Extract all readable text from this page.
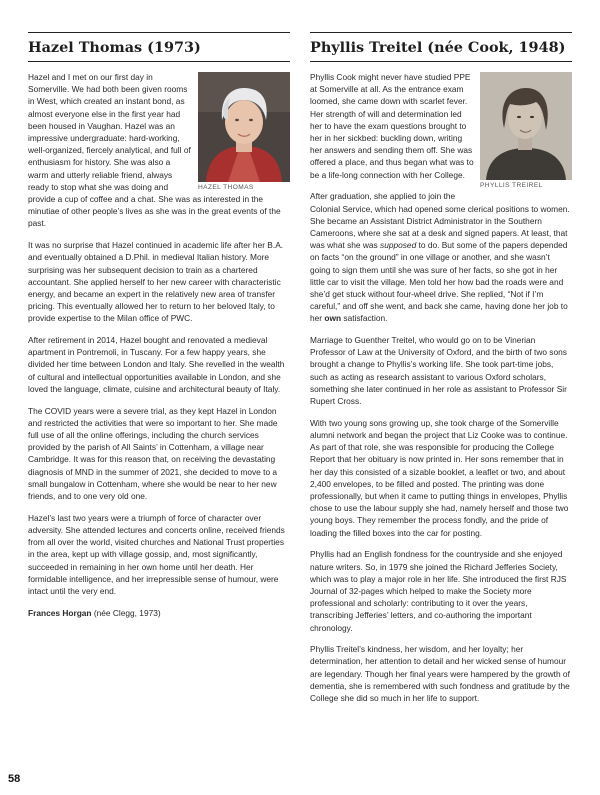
Hazel Thomas (1973)
HAZEL THOMAS

Hazel and I met on our first day in Somerville. We had both been given rooms in West, which created an instant bond, as almost everyone else in the first year had been housed in Vaughan. Hazel was an impressive undergraduate: hard-working, well-organized, fiercely analytical, and full of enthusiasm for history. She was also a warm and utterly reliable friend, always ready to stop what she was doing and provide a cup of coffee and a chat. She was as interested in the minutiae of other people’s lives as she was in the great events of the past.

It was no surprise that Hazel continued in academic life after her B.A. and eventually obtained a D.Phil. in medieval Italian history. More surprising was her subsequent decision to train as a chartered accountant. She applied herself to her new career with characteristic energy, and became an expert in the relatively new area of transfer pricing. This eventually allowed her to return to her beloved Italy, to provide expertise to the Milan office of PWC.

After retirement in 2014, Hazel bought and renovated a medieval apartment in Pontremoli, in Tuscany. For a few happy years, she divided her time between London and Italy. She revelled in the wealth of cultural and intellectual opportunities available in London, and she loved the language, climate, cuisine and architectural beauty of Italy.

The COVID years were a severe trial, as they kept Hazel in London and restricted the activities that were so important to her. She made full use of all the online offerings, including the church services provided by the parish of All Saints’ in Cottenham, a village near Cambridge. It was for this reason that, on receiving the devastating diagnosis of MND in the summer of 2021, she decided to move to a small bungalow in Cottenham, where she would be near to her new friends, and to one very old one.

Hazel’s last two years were a triumph of force of character over adversity. She attended lectures and concerts online, received friends from all over the world, visited churches and National Trust properties in the area, kept up with village gossip, and, most significantly, succeeded in remaining in her own home until her death. Her formidable intelligence, and her irrepressible sense of humour, were intact until the very end.

Frances Horgan (née Clegg, 1973)

Phyllis Treitel (née Cook, 1948)
PHYLLIS TREIREL

Phyllis Cook might never have studied PPE at Somerville at all. As the entrance exam loomed, she came down with scarlet fever. Her strength of will and determination led her to have the exam questions brought to her in her sickbed: buckling down, writing her answers and sending them off. She was offered a place, and thus began what was to be a life-long connection with her College.

After graduation, she applied to join the Colonial Service, which had opened some clerical positions to women. She became an Assistant District Administrator in the Southern Cameroons, where she sat at a desk and signed papers. At least, that was what she was supposed to do. But some of the papers depended on facts “on the ground” in one village or another, and she wasn’t going to sign them until she was sure of her facts, so she got in her little car to visit the village. Men told her how bad the roads were and she’d get stuck without four-wheel drive. She replied, “Not if I’m careful,” and off she went, and back she came, having done her job to her own satisfaction.

Marriage to Guenther Treitel, who would go on to be Vinerian Professor of Law at the University of Oxford, and the birth of two sons brought a change to Phyllis’s working life. She took part-time jobs, such as acting as research assistant to various Oxford scholars, something she later continued in her role as assistant to Professor Sir Rupert Cross.

With two young sons growing up, she took charge of the Somerville alumni network and began the project that Liz Cooke was to continue. As part of that role, she was responsible for producing the College Report that her obituary is now printed in. Her sons remember that in her day this consisted of a sizable booklet, a leaflet or two, and about 2,400 envelopes, to be filled and posted. The printing was done professionally, but when it came to putting things in envelopes, Phyllis chose to use the labour supply she had, namely herself and those two young boys. They remember the process fondly, and the pride of loading the filled boxes into the car for posting.

Phyllis had an English fondness for the countryside and she enjoyed nature writers. So, in 1979 she joined the Richard Jefferies Society, which was to play a major role in her life. She introduced the first RJS Journal of 32-pages which helped to make the Society more professional and scholarly: contributing to it over the years, transcribing Jefferies’ letters, and co-authoring the important chronology.

Phyllis Treitel’s kindness, her wisdom, and her loyalty; her determination, her attention to detail and her wicked sense of humour are legendary. Though her final years were hampered by the growth of dementia, she is remembered with such fondness and gratitude by the College she did so much in her life to support.

58
